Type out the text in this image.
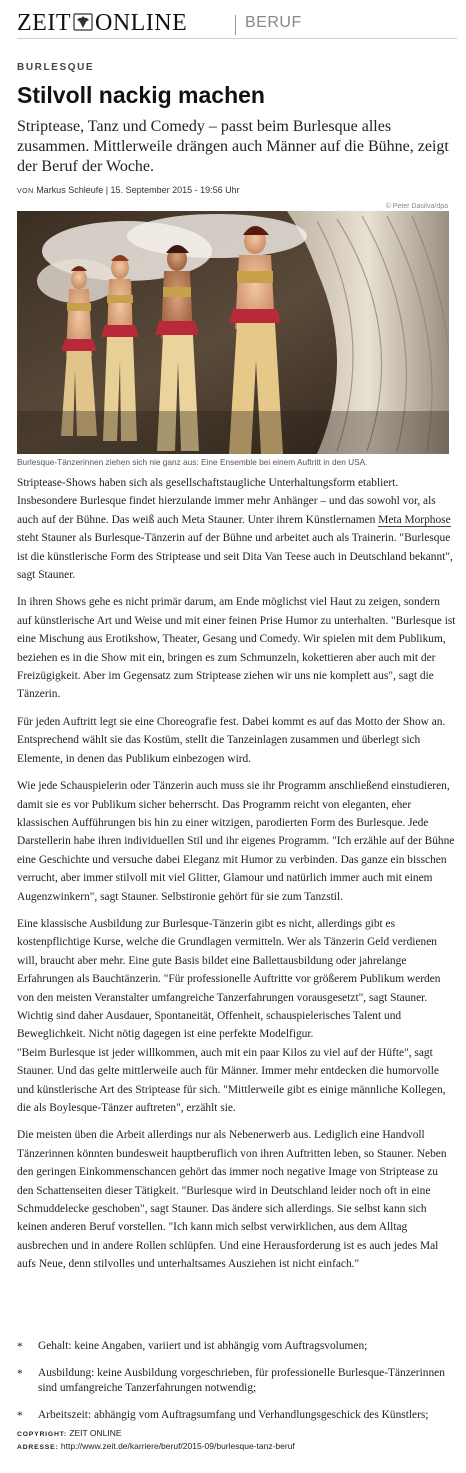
ZEIT ONLINE	BERUF
BURLESQUE
Stilvoll nackig machen

Striptease, Tanz und Comedy – passt beim Burlesque alles zusammen. Mittlerweile drängen auch Männer auf die Bühne, zeigt der Beruf der Woche.

VON Markus Schleufe | 15. September 2015 - 19:56 Uhr
© Peter Dasilva/dpa
Burlesque-Tänzerinnen ziehen sich nie ganz aus: Eine Ensemble bei einem Auftritt in den USA.

Striptease-Shows haben sich als gesellschaftstaugliche Unterhaltungsform etabliert. Insbesondere Burlesque findet hierzulande immer mehr Anhänger – und das sowohl vor, als auch auf der Bühne. Das weiß auch Meta Stauner. Unter ihrem Künstlernamen Meta Morphose steht Stauner als Burlesque-Tänzerin auf der Bühne und arbeitet auch als Trainerin. "Burlesque ist die künstlerische Form des Striptease und seit Dita Van Teese auch in Deutschland bekannt", sagt Stauner.

In ihren Shows gehe es nicht primär darum, am Ende möglichst viel Haut zu zeigen, sondern auf künstlerische Art und Weise und mit einer feinen Prise Humor zu unterhalten. "Burlesque ist eine Mischung aus Erotikshow, Theater, Gesang und Comedy. Wir spielen mit dem Publikum, beziehen es in die Show mit ein, bringen es zum Schmunzeln, kokettieren aber auch mit der Freizügigkeit. Aber im Gegensatz zum Striptease ziehen wir uns nie komplett aus", sagt die Tänzerin.

Für jeden Auftritt legt sie eine Choreografie fest. Dabei kommt es auf das Motto der Show an. Entsprechend wählt sie das Kostüm, stellt die Tanzeinlagen zusammen und überlegt sich Elemente, in denen das Publikum einbezogen wird.

Wie jede Schauspielerin oder Tänzerin auch muss sie ihr Programm anschließend einstudieren, damit sie es vor Publikum sicher beherrscht. Das Programm reicht von eleganten, eher klassischen Aufführungen bis hin zu einer witzigen, parodierten Form des Burlesque. Jede Darstellerin habe ihren individuellen Stil und ihr eigenes Programm. "Ich erzähle auf der Bühne eine Geschichte und versuche dabei Eleganz mit Humor zu verbinden. Das ganze ein bisschen verrucht, aber immer stilvoll mit viel Glitter, Glamour und natürlich immer auch mit einem Augenzwinkern", sagt Stauner. Selbstironie gehört für sie zum Tanzstil.

Eine klassische Ausbildung zur Burlesque-Tänzerin gibt es nicht, allerdings gibt es kostenpflichtige Kurse, welche die Grundlagen vermitteln. Wer als Tänzerin Geld verdienen will, braucht aber mehr. Eine gute Basis bildet eine Ballettausbildung oder jahrelange Erfahrungen als Bauchtänzerin. "Für professionelle Auftritte vor größerem Publikum werden von den meisten Veranstalter umfangreiche Tanzerfahrungen vorausgesetzt", sagt Stauner. Wichtig sind daher Ausdauer, Spontaneität, Offenheit, schauspielerisches Talent und Beweglichkeit. Nicht nötig dagegen ist eine perfekte Modelfigur.

"Beim Burlesque ist jeder willkommen, auch mit ein paar Kilos zu viel auf der Hüfte", sagt Stauner. Und das gelte mittlerweile auch für Männer. Immer mehr entdecken die humorvolle und künstlerische Art des Striptease für sich. "Mittlerweile gibt es einige männliche Kollegen, die als Boylesque-Tänzer auftreten", erzählt sie.

Die meisten üben die Arbeit allerdings nur als Nebenerwerb aus. Lediglich eine Handvoll Tänzerinnen könnten bundesweit hauptberuflich von ihren Auftritten leben, so Stauner. Neben den geringen Einkommenschancen gehört das immer noch negative Image von Striptease zu den Schattenseiten dieser Tätigkeit. "Burlesque wird in Deutschland leider noch oft in eine Schmuddelecke geschoben", sagt Stauner. Das ändere sich allerdings. Sie selbst kann sich keinen anderen Beruf vorstellen. "Ich kann mich selbst verwirklichen, aus dem Alltag ausbrechen und in andere Rollen schlüpfen. Und eine Herausforderung ist es auch jedes Mal aufs Neue, denn stilvolles und unterhaltsames Ausziehen ist nicht einfach."

* Gehalt: keine Angaben, variiert und ist abhängig vom Auftragsvolumen;
* Ausbildung: keine Ausbildung vorgeschrieben, für professionelle Burlesque-Tänzerinnen sind umfangreiche Tanzerfahrungen notwendig;
* Arbeitszeit: abhängig vom Auftragsumfang und Verhandlungsgeschick des Künstlers;
COPYRIGHT: ZEIT ONLINE
ADRESSE: http://www.zeit.de/karriere/beruf/2015-09/burlesque-tanz-beruf
